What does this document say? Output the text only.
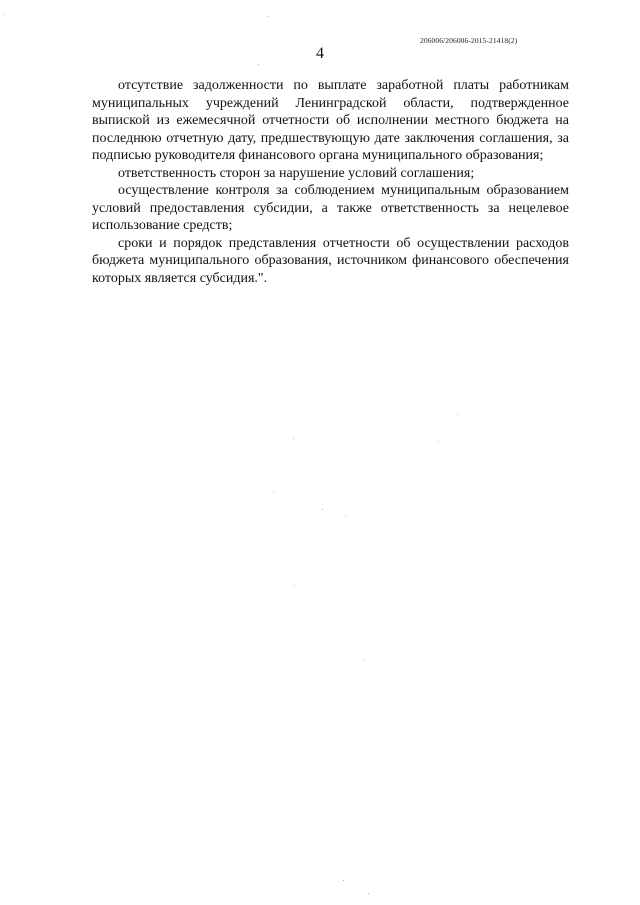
206006/206006-2015-21418(2)
4

отсутствие задолженности по выплате заработной платы работникам муниципальных учреждений Ленинградской области, подтвержденное выпиской из ежемесячной отчетности об исполнении местного бюджета на последнюю отчетную дату, предшествующую дате заключения соглашения, за подписью руководителя финансового органа муниципального образования;

ответственность сторон за нарушение условий соглашения;

осуществление контроля за соблюдением муниципальным образованием условий предоставления субсидии, а также ответственность за нецелевое использование средств;

сроки и порядок представления отчетности об осуществлении расходов бюджета муниципального образования, источником финансового обеспечения которых является субсидия.".
